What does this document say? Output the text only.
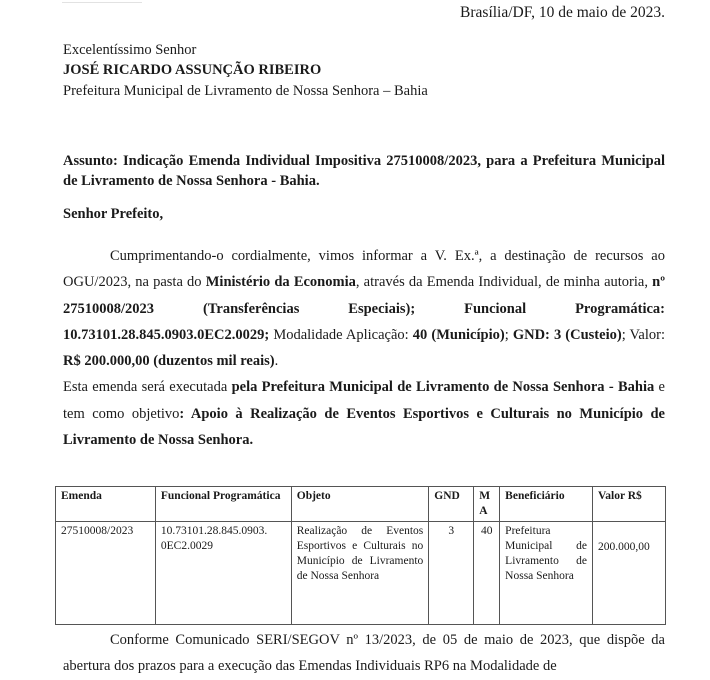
Brasília/DF, 10 de maio de 2023.
Excelentíssimo Senhor
JOSÉ RICARDO ASSUNÇÃO RIBEIRO
Prefeitura Municipal de Livramento de Nossa Senhora – Bahia
Assunto: Indicação Emenda Individual Impositiva 27510008/2023, para a Prefeitura Municipal de Livramento de Nossa Senhora - Bahia.
Senhor Prefeito,

Cumprimentando-o cordialmente, vimos informar a V. Ex.ª, a destinação de recursos ao OGU/2023, na pasta do Ministério da Economia, através da Emenda Individual, de minha autoria, nº 27510008/2023 (Transferências Especiais); Funcional Programática: 10.73101.28.845.0903.0EC2.0029; Modalidade Aplicação: 40 (Município); GND: 3 (Custeio); Valor: R$ 200.000,00 (duzentos mil reais).

Esta emenda será executada pela Prefeitura Municipal de Livramento de Nossa Senhora - Bahia e tem como objetivo: Apoio à Realização de Eventos Esportivos e Culturais no Município de Livramento de Nossa Senhora.

Emenda	Funcional Programática	Objeto	GND	M A	Beneficiário	Valor R$
27510008/2023	10.73101.28.845.0903. 0EC2.0029	Realização de Eventos Esportivos e Culturais no Município de Livramento de Nossa Senhora	3	40	Prefeitura Municipal de Livramento de Nossa Senhora	200.000,00

Conforme Comunicado SERI/SEGOV nº 13/2023, de 05 de maio de 2023, que dispõe da abertura dos prazos para a execução das Emendas Individuais RP6 na Modalidade de
